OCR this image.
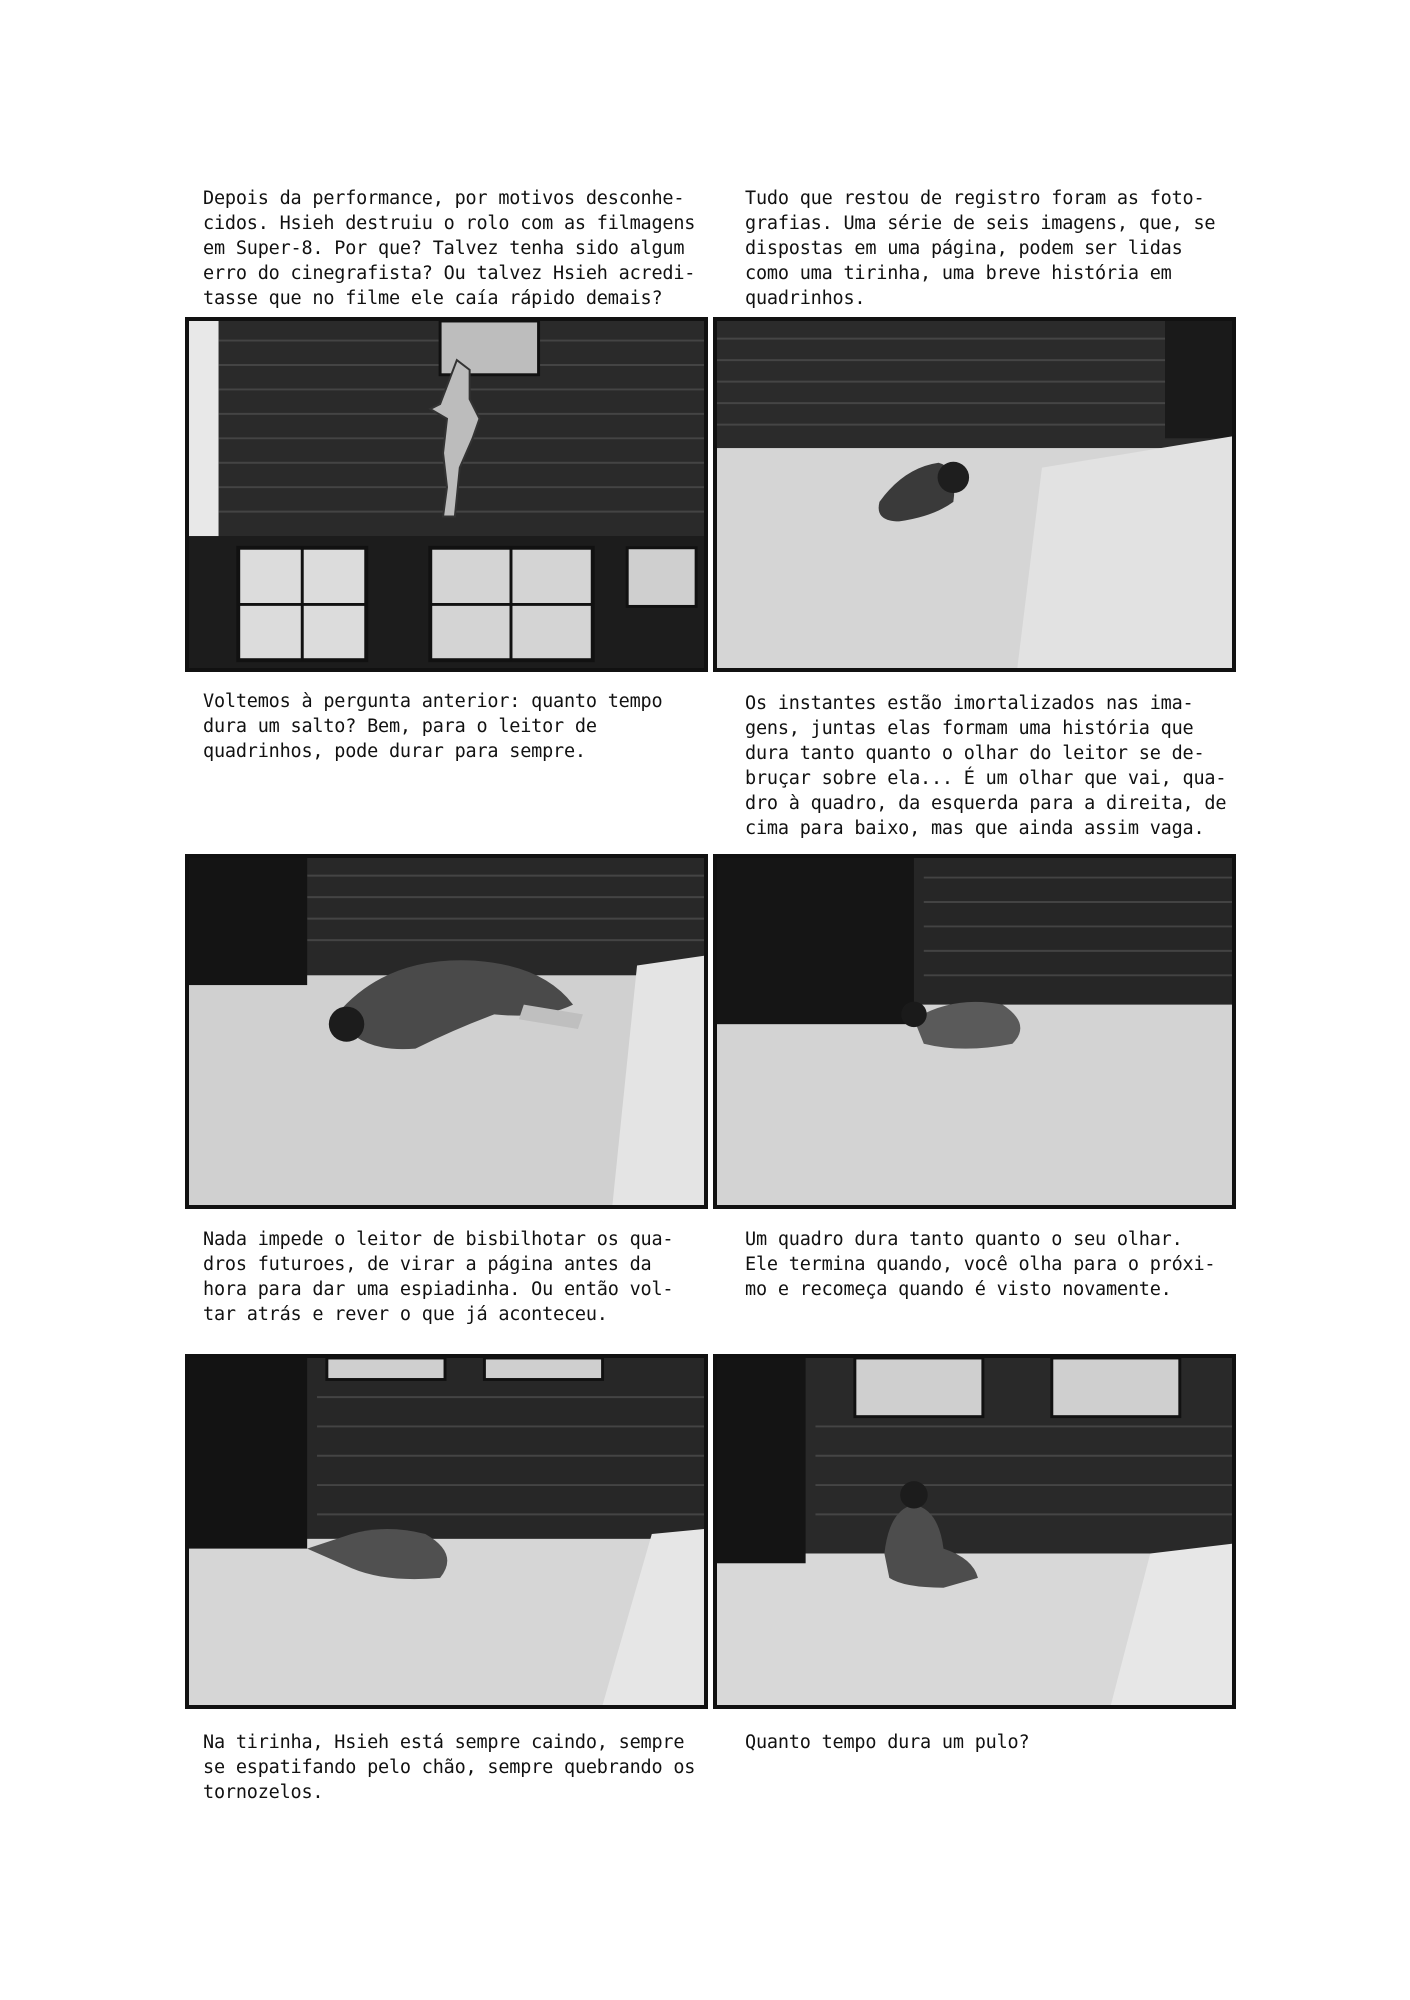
Depois da performance, por motivos desconhe-
cidos. Hsieh destruiu o rolo com as filmagens
em Super-8. Por que? Talvez tenha sido algum
erro do cinegrafista? Ou talvez Hsieh acredi-
tasse que no filme ele caía rápido demais?
Tudo que restou de registro foram as foto-
grafias. Uma série de seis imagens, que, se
dispostas em uma página, podem ser lidas
como uma tirinha, uma breve história em
quadrinhos.
Voltemos à pergunta anterior: quanto tempo
dura um salto? Bem, para o leitor de
quadrinhos, pode durar para sempre.
Os instantes estão imortalizados nas ima-
gens, juntas elas formam uma história que
dura tanto quanto o olhar do leitor se de-
bruçar sobre ela... É um olhar que vai, qua-
dro à quadro, da esquerda para a direita, de
cima para baixo, mas que ainda assim vaga.
Nada impede o leitor de bisbilhotar os qua-
dros futuroes, de virar a página antes da
hora para dar uma espiadinha. Ou então vol-
tar atrás e rever o que já aconteceu.
Um quadro dura tanto quanto o seu olhar.
Ele termina quando, você olha para o próxi-
mo e recomeça quando é visto novamente.
Na tirinha, Hsieh está sempre caindo, sempre
se espatifando pelo chão, sempre quebrando os
tornozelos.
Quanto tempo dura um pulo?
